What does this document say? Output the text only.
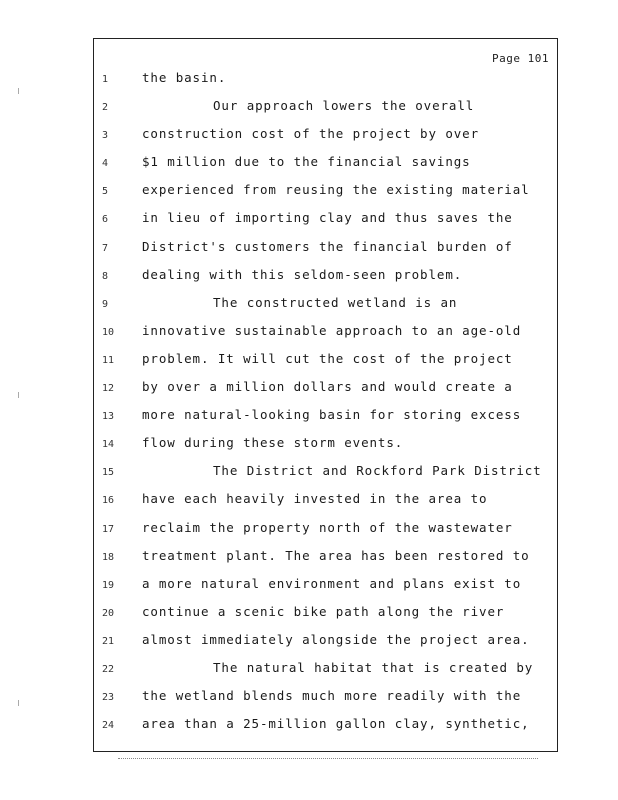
Page 101
1	the basin.
2	Our approach lowers the overall
3	construction cost of the project by over
4	$1 million due to the financial savings
5	experienced from reusing the existing material
6	in lieu of importing clay and thus saves the
7	District's customers the financial burden of
8	dealing with this seldom-seen problem.
9	The constructed wetland is an
10	innovative sustainable approach to an age-old
11	problem. It will cut the cost of the project
12	by over a million dollars and would create a
13	more natural-looking basin for storing excess
14	flow during these storm events.
15	The District and Rockford Park District
16	have each heavily invested in the area to
17	reclaim the property north of the wastewater
18	treatment plant. The area has been restored to
19	a more natural environment and plans exist to
20	continue a scenic bike path along the river
21	almost immediately alongside the project area.
22	The natural habitat that is created by
23	the wetland blends much more readily with the
24	area than a 25-million gallon clay, synthetic,
